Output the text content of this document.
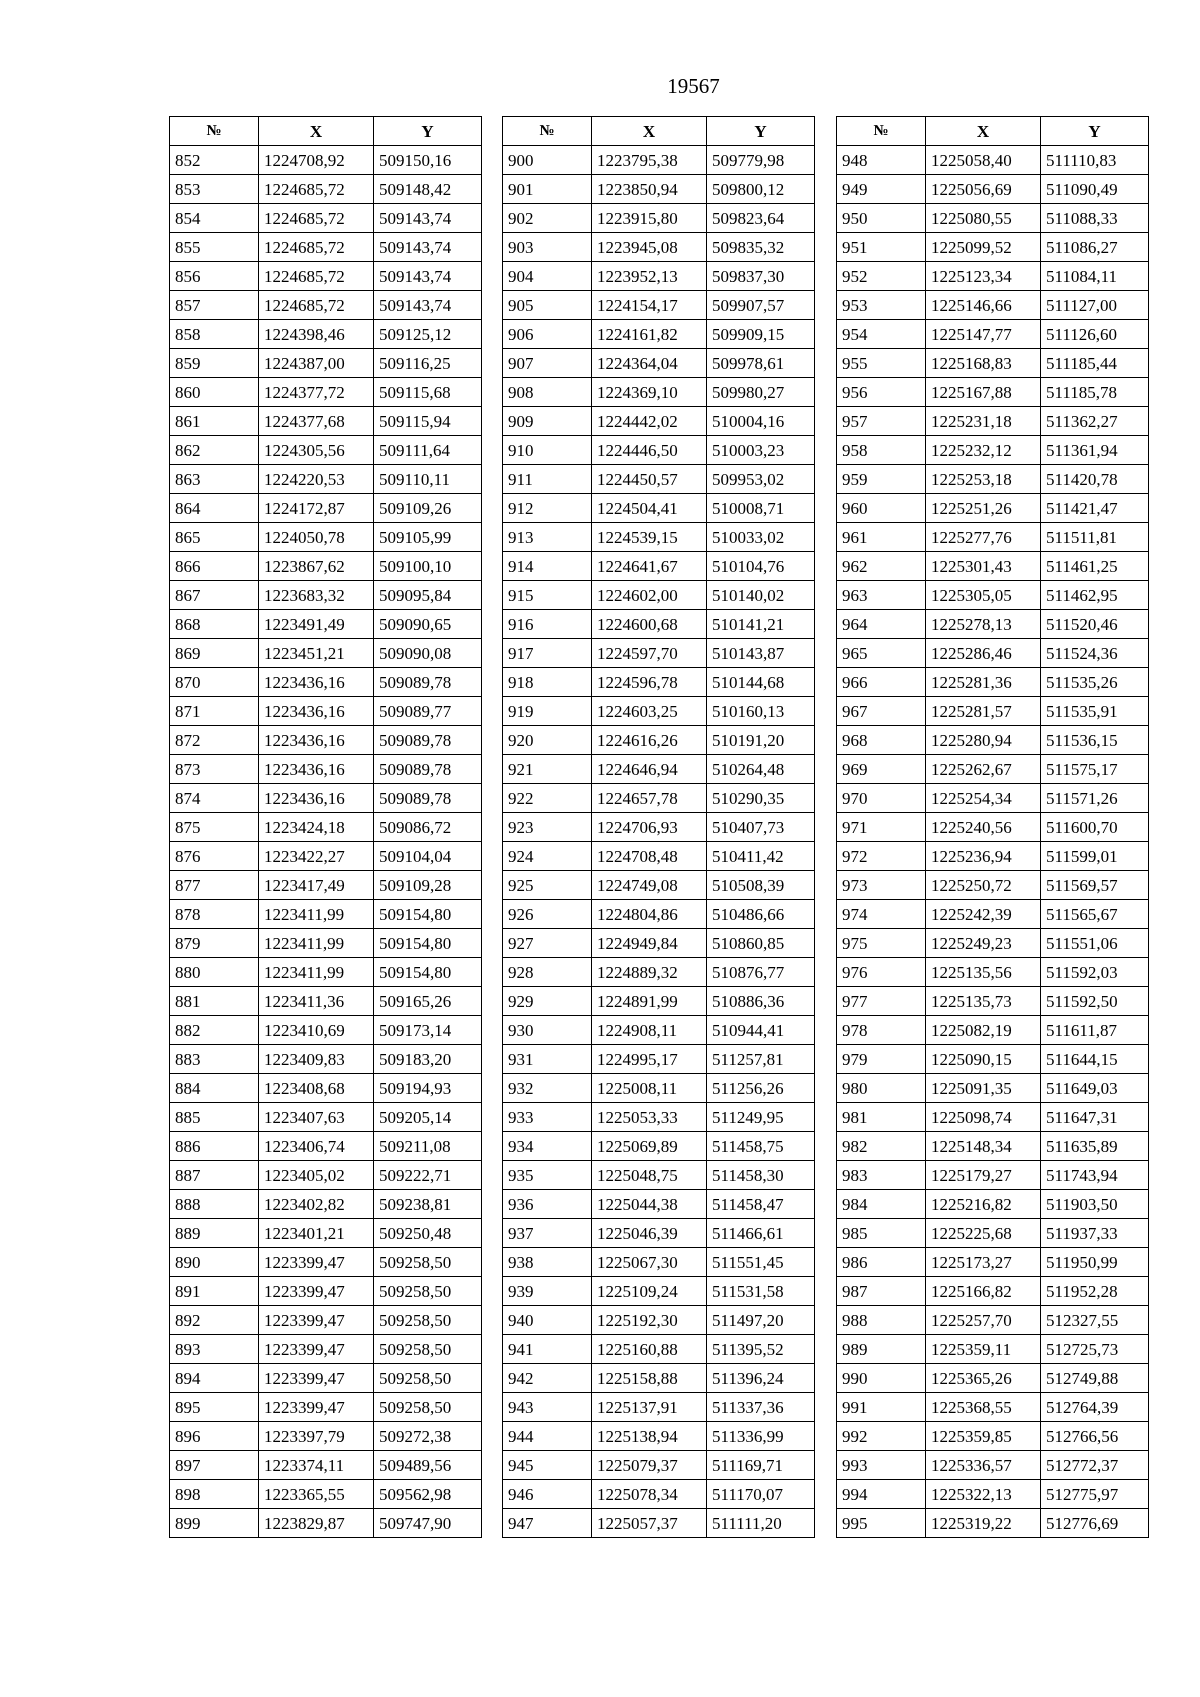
19567
№	X	Y
852	1224708,92	509150,16
853	1224685,72	509148,42
854	1224685,72	509143,74
855	1224685,72	509143,74
856	1224685,72	509143,74
857	1224685,72	509143,74
858	1224398,46	509125,12
859	1224387,00	509116,25
860	1224377,72	509115,68
861	1224377,68	509115,94
862	1224305,56	509111,64
863	1224220,53	509110,11
864	1224172,87	509109,26
865	1224050,78	509105,99
866	1223867,62	509100,10
867	1223683,32	509095,84
868	1223491,49	509090,65
869	1223451,21	509090,08
870	1223436,16	509089,78
871	1223436,16	509089,77
872	1223436,16	509089,78
873	1223436,16	509089,78
874	1223436,16	509089,78
875	1223424,18	509086,72
876	1223422,27	509104,04
877	1223417,49	509109,28
878	1223411,99	509154,80
879	1223411,99	509154,80
880	1223411,99	509154,80
881	1223411,36	509165,26
882	1223410,69	509173,14
883	1223409,83	509183,20
884	1223408,68	509194,93
885	1223407,63	509205,14
886	1223406,74	509211,08
887	1223405,02	509222,71
888	1223402,82	509238,81
889	1223401,21	509250,48
890	1223399,47	509258,50
891	1223399,47	509258,50
892	1223399,47	509258,50
893	1223399,47	509258,50
894	1223399,47	509258,50
895	1223399,47	509258,50
896	1223397,79	509272,38
897	1223374,11	509489,56
898	1223365,55	509562,98
899	1223829,87	509747,90
№	X	Y
900	1223795,38	509779,98
901	1223850,94	509800,12
902	1223915,80	509823,64
903	1223945,08	509835,32
904	1223952,13	509837,30
905	1224154,17	509907,57
906	1224161,82	509909,15
907	1224364,04	509978,61
908	1224369,10	509980,27
909	1224442,02	510004,16
910	1224446,50	510003,23
911	1224450,57	509953,02
912	1224504,41	510008,71
913	1224539,15	510033,02
914	1224641,67	510104,76
915	1224602,00	510140,02
916	1224600,68	510141,21
917	1224597,70	510143,87
918	1224596,78	510144,68
919	1224603,25	510160,13
920	1224616,26	510191,20
921	1224646,94	510264,48
922	1224657,78	510290,35
923	1224706,93	510407,73
924	1224708,48	510411,42
925	1224749,08	510508,39
926	1224804,86	510486,66
927	1224949,84	510860,85
928	1224889,32	510876,77
929	1224891,99	510886,36
930	1224908,11	510944,41
931	1224995,17	511257,81
932	1225008,11	511256,26
933	1225053,33	511249,95
934	1225069,89	511458,75
935	1225048,75	511458,30
936	1225044,38	511458,47
937	1225046,39	511466,61
938	1225067,30	511551,45
939	1225109,24	511531,58
940	1225192,30	511497,20
941	1225160,88	511395,52
942	1225158,88	511396,24
943	1225137,91	511337,36
944	1225138,94	511336,99
945	1225079,37	511169,71
946	1225078,34	511170,07
947	1225057,37	511111,20
№	X	Y
948	1225058,40	511110,83
949	1225056,69	511090,49
950	1225080,55	511088,33
951	1225099,52	511086,27
952	1225123,34	511084,11
953	1225146,66	511127,00
954	1225147,77	511126,60
955	1225168,83	511185,44
956	1225167,88	511185,78
957	1225231,18	511362,27
958	1225232,12	511361,94
959	1225253,18	511420,78
960	1225251,26	511421,47
961	1225277,76	511511,81
962	1225301,43	511461,25
963	1225305,05	511462,95
964	1225278,13	511520,46
965	1225286,46	511524,36
966	1225281,36	511535,26
967	1225281,57	511535,91
968	1225280,94	511536,15
969	1225262,67	511575,17
970	1225254,34	511571,26
971	1225240,56	511600,70
972	1225236,94	511599,01
973	1225250,72	511569,57
974	1225242,39	511565,67
975	1225249,23	511551,06
976	1225135,56	511592,03
977	1225135,73	511592,50
978	1225082,19	511611,87
979	1225090,15	511644,15
980	1225091,35	511649,03
981	1225098,74	511647,31
982	1225148,34	511635,89
983	1225179,27	511743,94
984	1225216,82	511903,50
985	1225225,68	511937,33
986	1225173,27	511950,99
987	1225166,82	511952,28
988	1225257,70	512327,55
989	1225359,11	512725,73
990	1225365,26	512749,88
991	1225368,55	512764,39
992	1225359,85	512766,56
993	1225336,57	512772,37
994	1225322,13	512775,97
995	1225319,22	512776,69
